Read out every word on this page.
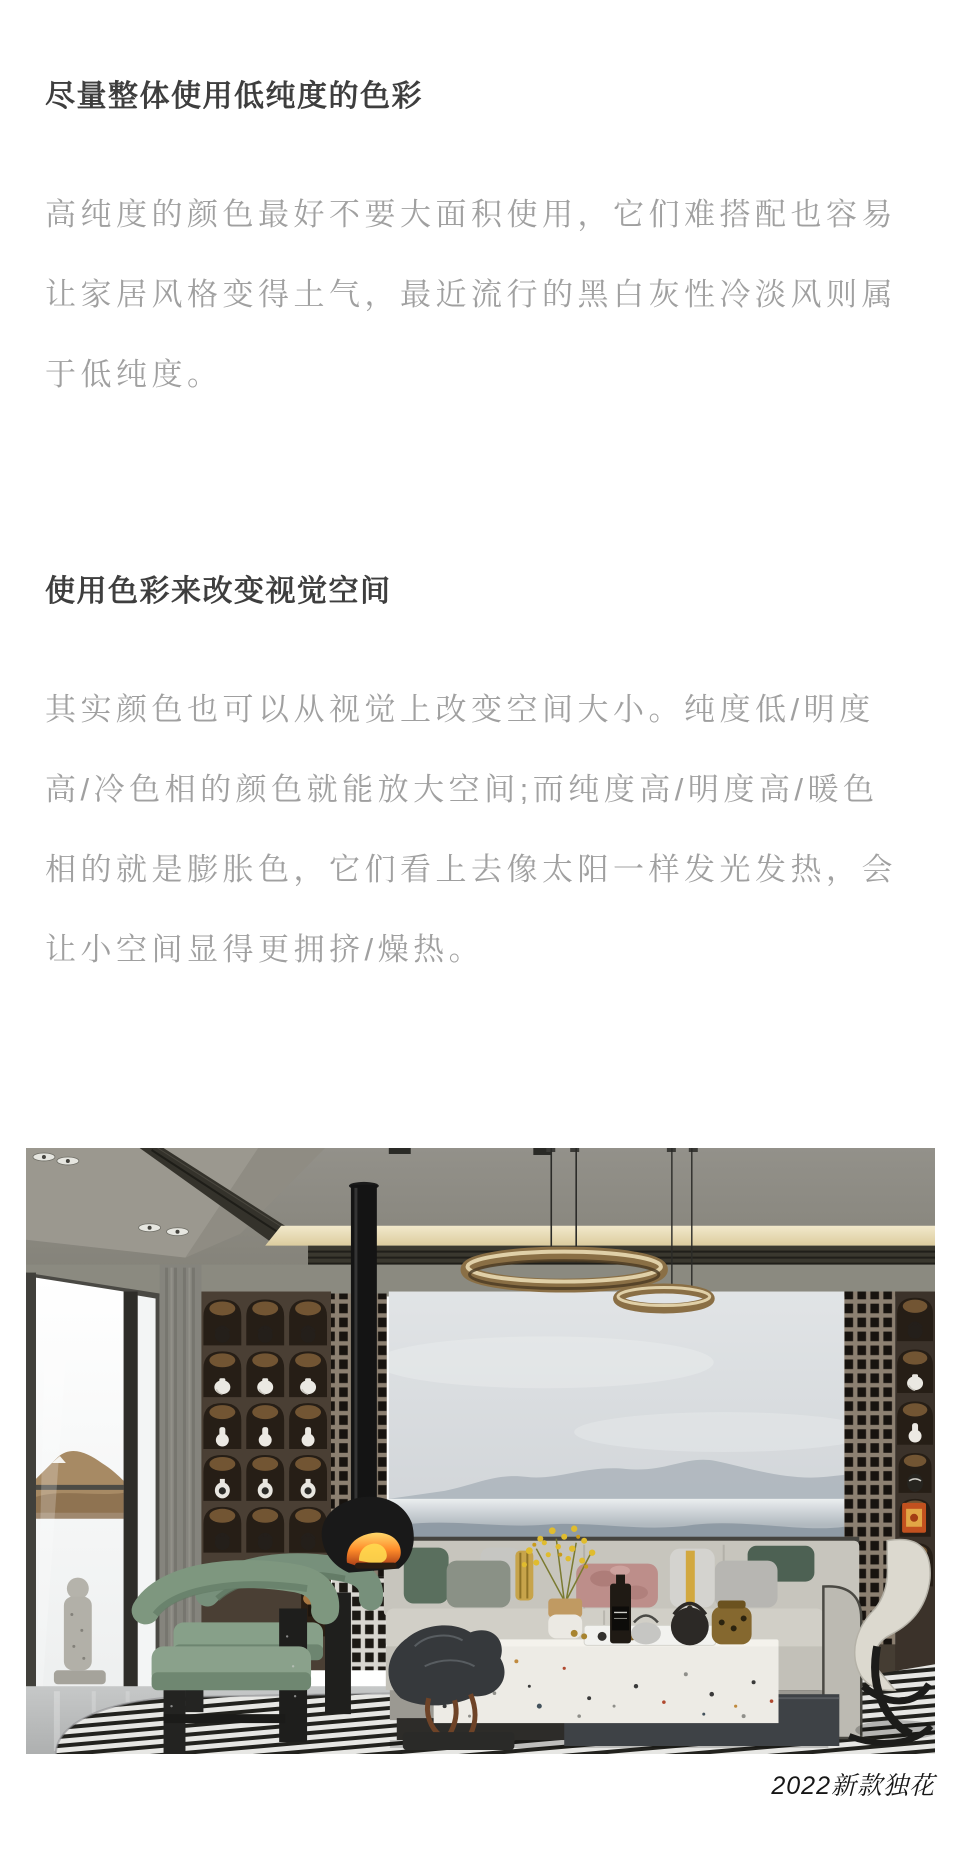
尽量整体使用低纯度的色彩
高纯度的颜色最好不要大面积使用，它们难搭配也容易
让家居风格变得土气，最近流行的黑白灰性冷淡风则属
于低纯度。
使用色彩来改变视觉空间
其实颜色也可以从视觉上改变空间大小。纯度低/明度
高/冷色相的颜色就能放大空间;而纯度高/明度高/暖色
相的就是膨胀色，它们看上去像太阳一样发光发热，会
让小空间显得更拥挤/燥热。
2022新款独花
